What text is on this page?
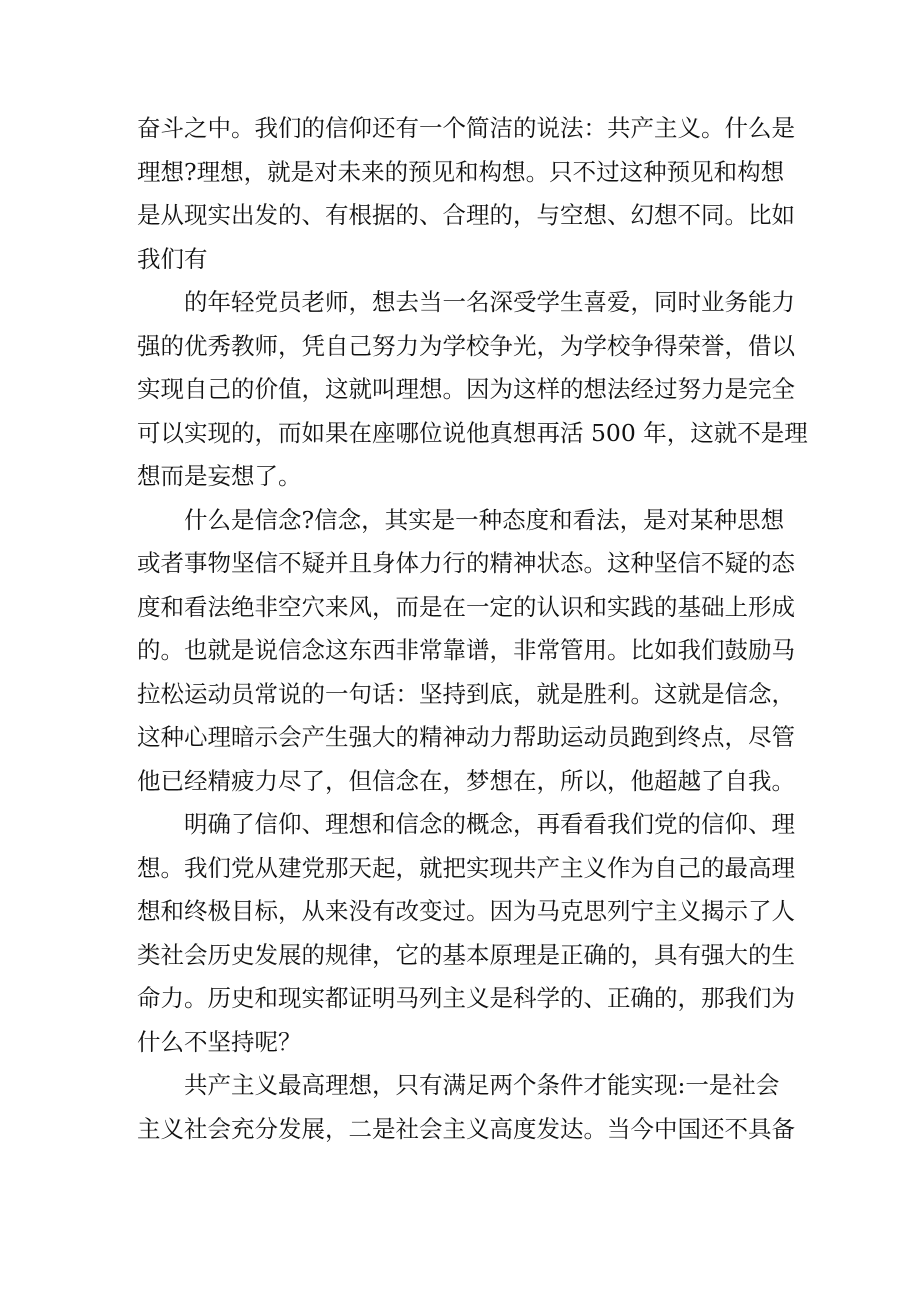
奋斗之中。我们的信仰还有一个简洁的说法：共产主义。什么是
理想?理想，就是对未来的预见和构想。只不过这种预见和构想
是从现实出发的、有根据的、合理的，与空想、幻想不同。比如
我们有
　　的年轻党员老师，想去当一名深受学生喜爱，同时业务能力
强的优秀教师，凭自己努力为学校争光，为学校争得荣誉，借以
实现自己的价值，这就叫理想。因为这样的想法经过努力是完全
可以实现的，而如果在座哪位说他真想再活 500 年，这就不是理
想而是妄想了。
　　什么是信念?信念，其实是一种态度和看法，是对某种思想
或者事物坚信不疑并且身体力行的精神状态。这种坚信不疑的态
度和看法绝非空穴来风，而是在一定的认识和实践的基础上形成
的。也就是说信念这东西非常靠谱，非常管用。比如我们鼓励马
拉松运动员常说的一句话：坚持到底，就是胜利。这就是信念，
这种心理暗示会产生强大的精神动力帮助运动员跑到终点，尽管
他已经精疲力尽了，但信念在，梦想在，所以，他超越了自我。
　　明确了信仰、理想和信念的概念，再看看我们党的信仰、理
想。我们党从建党那天起，就把实现共产主义作为自己的最高理
想和终极目标，从来没有改变过。因为马克思列宁主义揭示了人
类社会历史发展的规律，它的基本原理是正确的，具有强大的生
命力。历史和现实都证明马列主义是科学的、正确的，那我们为
什么不坚持呢？
　　共产主义最高理想，只有满足两个条件才能实现:一是社会
主义社会充分发展，二是社会主义高度发达。当今中国还不具备
